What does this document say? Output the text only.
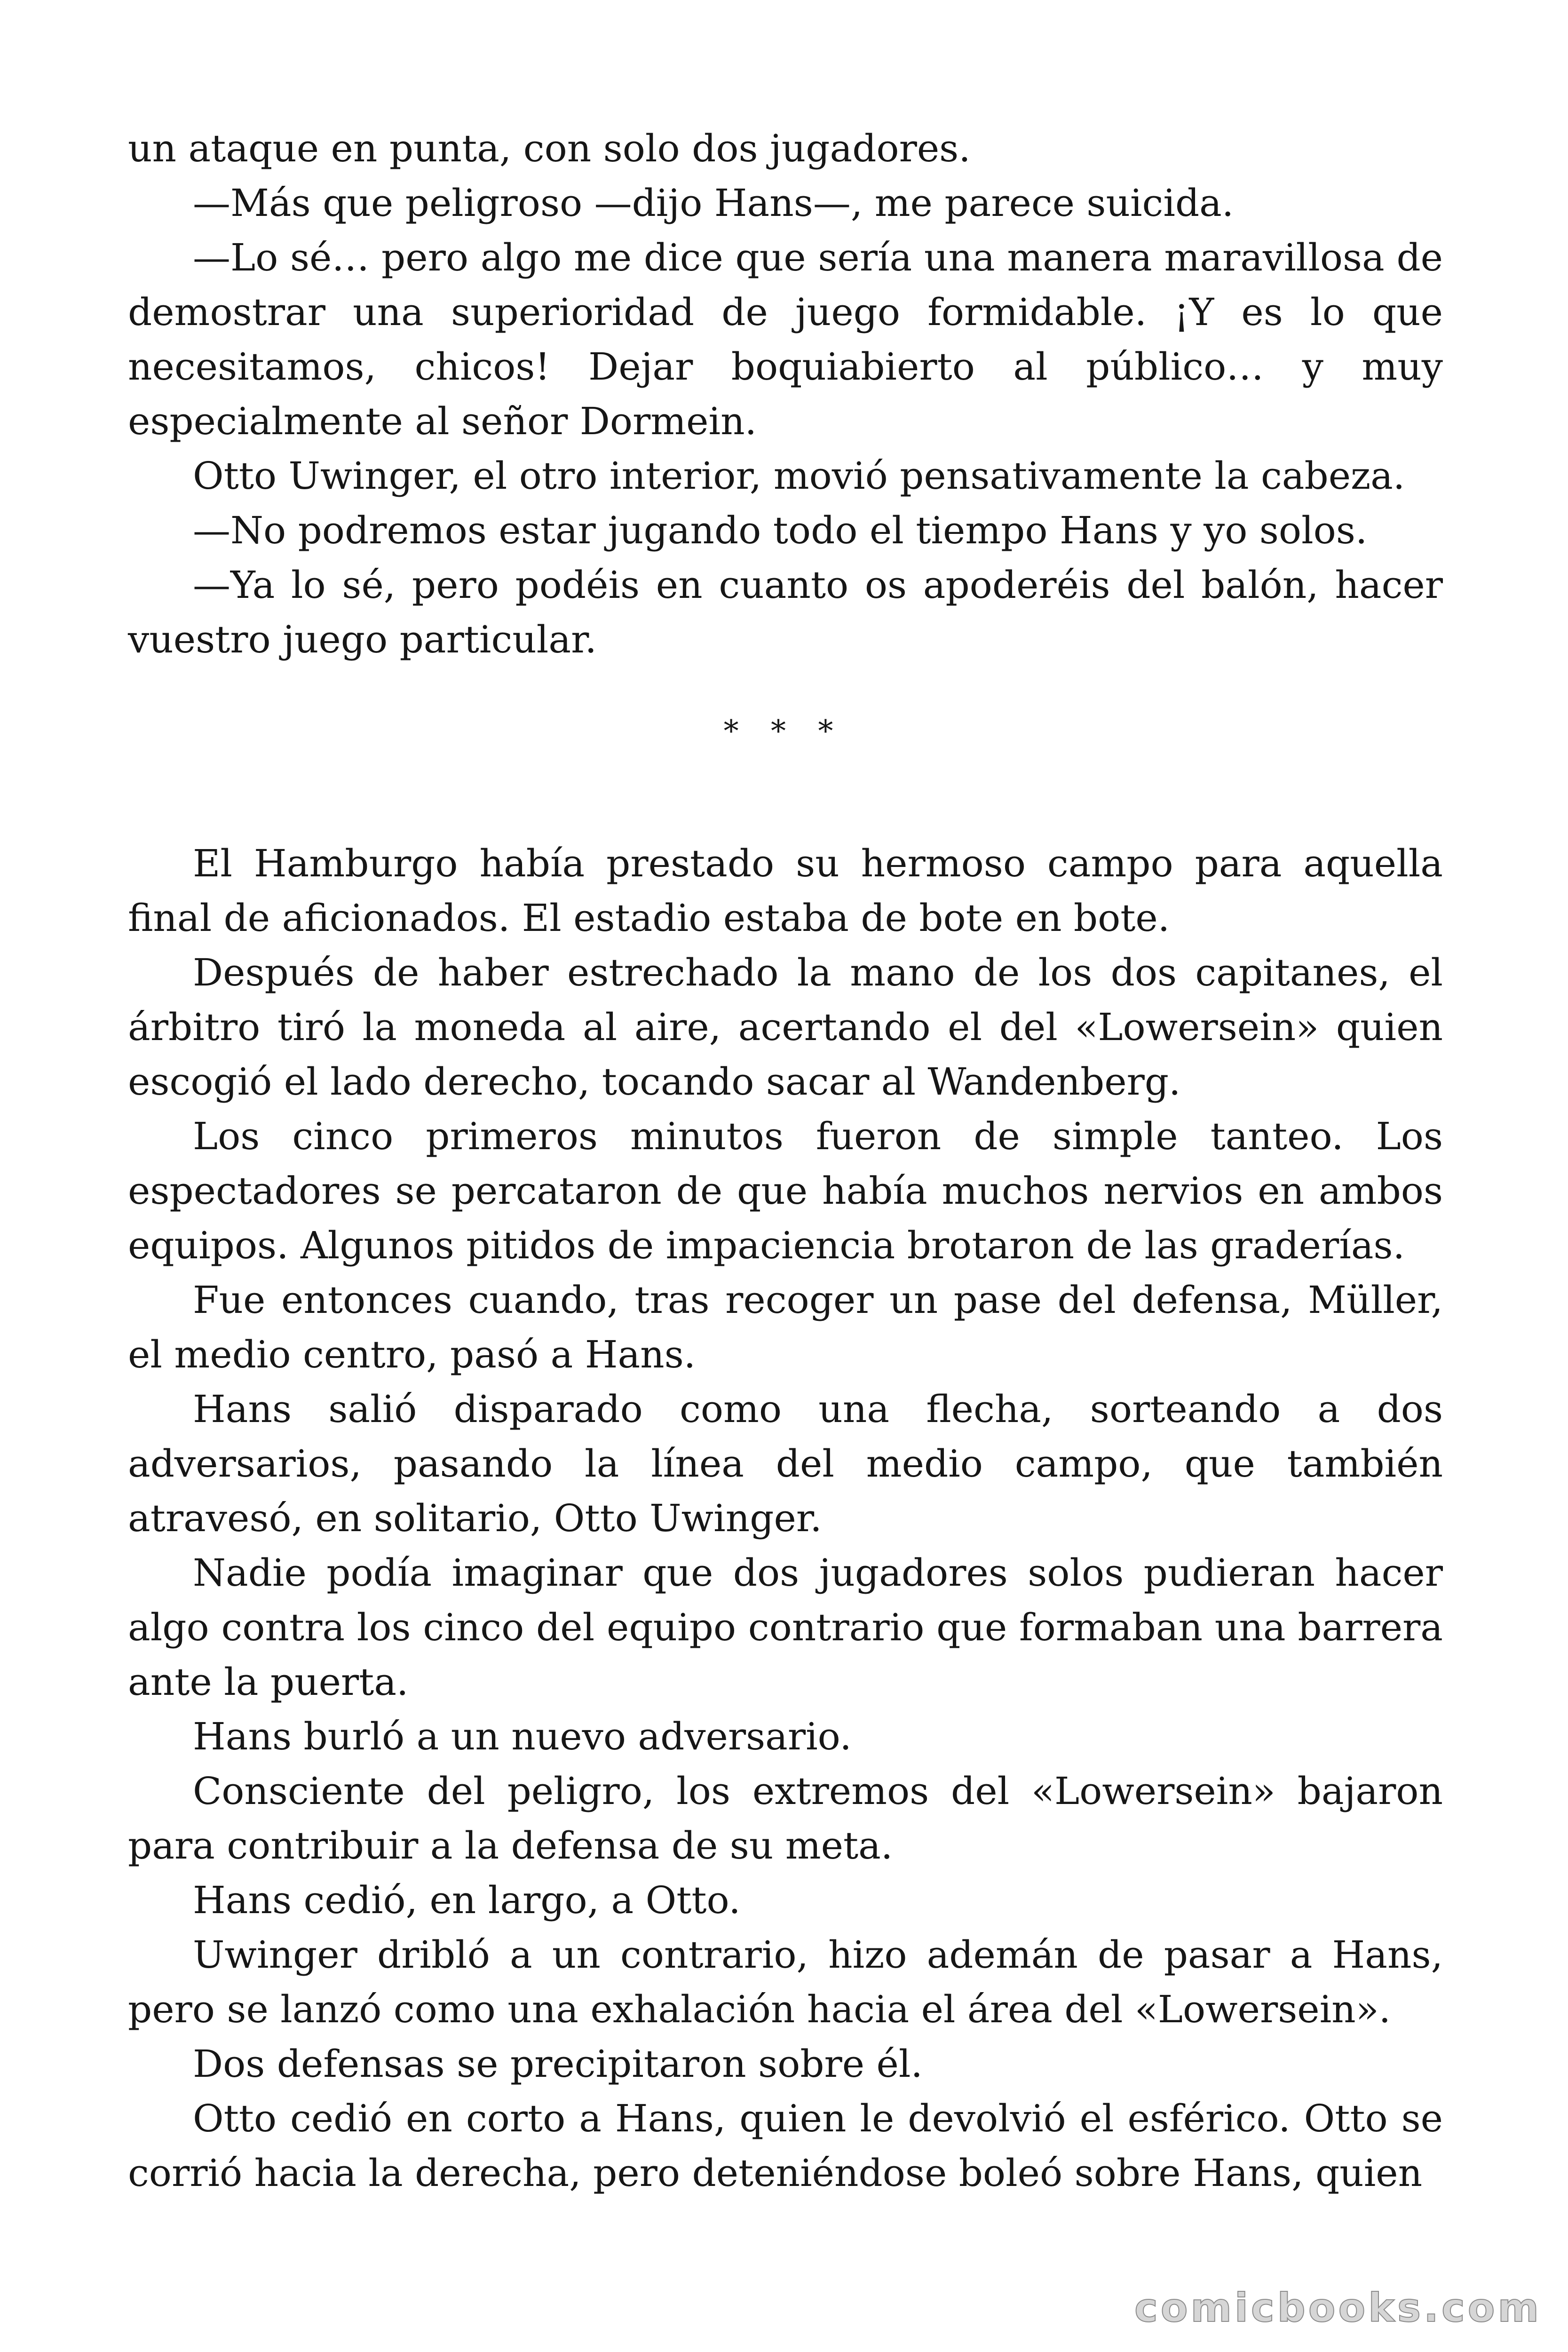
un ataque en punta, con solo dos jugadores.

—Más que peligroso —dijo Hans—, me parece suicida.

—Lo sé… pero algo me dice que sería una manera maravillosa de demostrar una superioridad de juego formidable. ¡Y es lo que necesitamos, chicos! Dejar boquiabierto al público… y muy especialmente al señor Dormein.

Otto Uwinger, el otro interior, movió pensativamente la cabeza.

—No podremos estar jugando todo el tiempo Hans y yo solos.

—Ya lo sé, pero podéis en cuanto os apoderéis del balón, hacer vuestro juego particular.

* * *

El Hamburgo había prestado su hermoso campo para aquella final de aficionados. El estadio estaba de bote en bote.

Después de haber estrechado la mano de los dos capitanes, el árbitro tiró la moneda al aire, acertando el del «Lowersein» quien escogió el lado derecho, tocando sacar al Wandenberg.

Los cinco primeros minutos fueron de simple tanteo. Los espectadores se percataron de que había muchos nervios en ambos equipos. Algunos pitidos de impaciencia brotaron de las graderías.

Fue entonces cuando, tras recoger un pase del defensa, Müller, el medio centro, pasó a Hans.

Hans salió disparado como una flecha, sorteando a dos adversarios, pasando la línea del medio campo, que también atravesó, en solitario, Otto Uwinger.

Nadie podía imaginar que dos jugadores solos pudieran hacer algo contra los cinco del equipo contrario que formaban una barrera ante la puerta.

Hans burló a un nuevo adversario.

Consciente del peligro, los extremos del «Lowersein» bajaron para contribuir a la defensa de su meta.

Hans cedió, en largo, a Otto.

Uwinger dribló a un contrario, hizo ademán de pasar a Hans, pero se lanzó como una exhalación hacia el área del «Lowersein».

Dos defensas se precipitaron sobre él.

Otto cedió en corto a Hans, quien le devolvió el esférico. Otto se corrió hacia la derecha, pero deteniéndose boleó sobre Hans, quien

comicbooks.com
